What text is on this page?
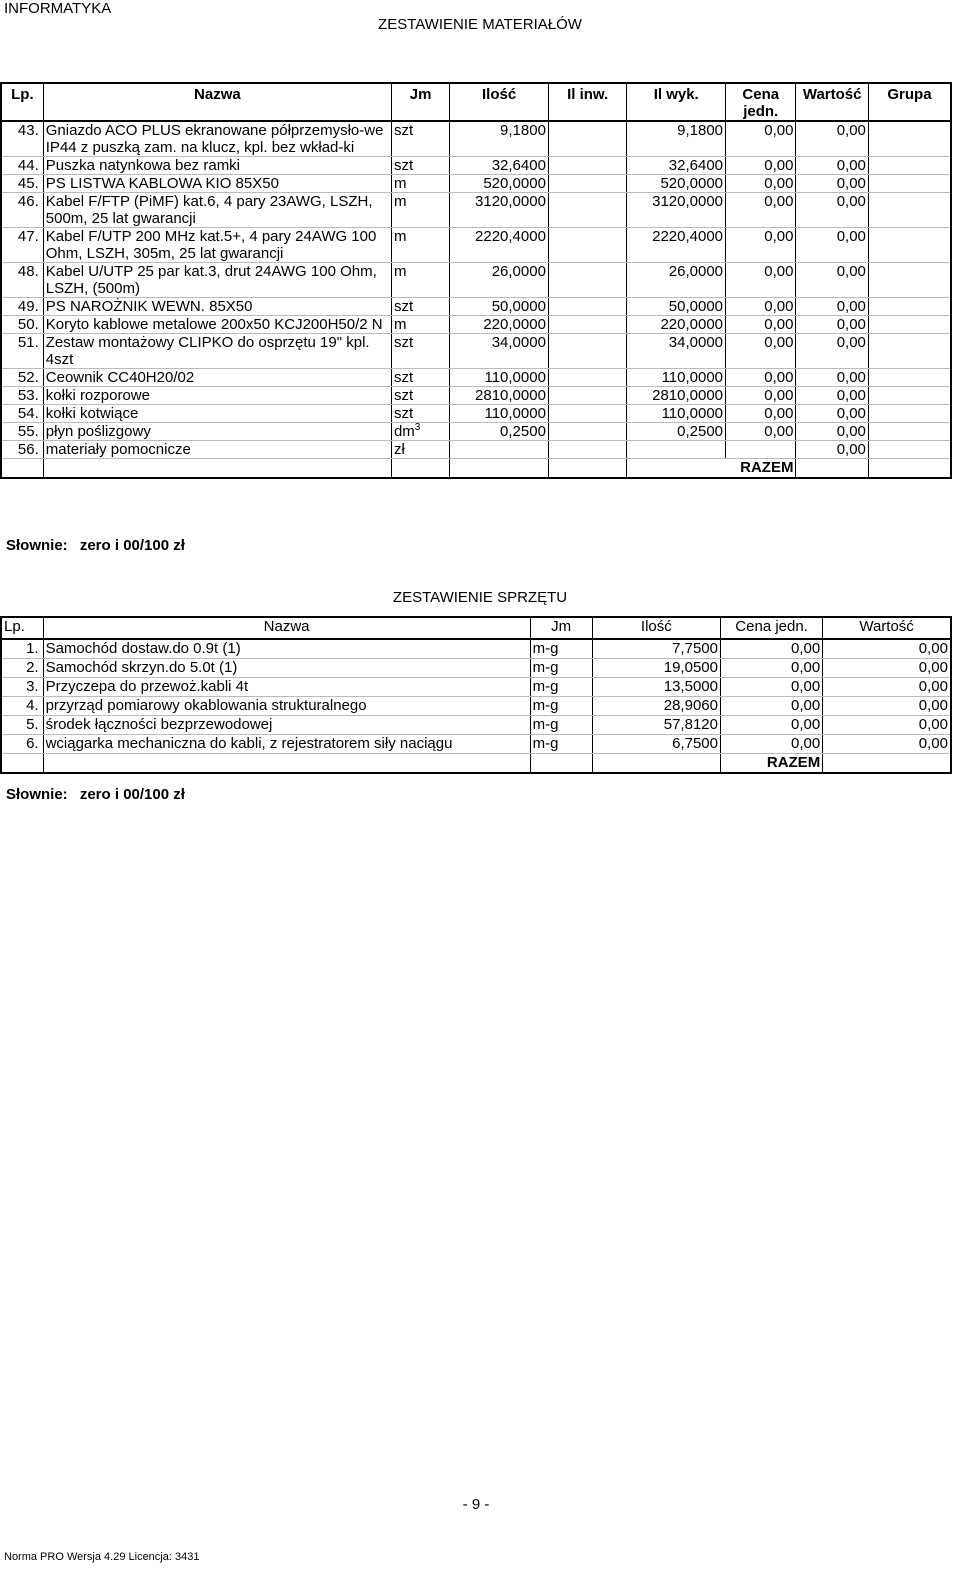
INFORMATYKA
ZESTAWIENIE MATERIAŁÓW
Lp.	Nazwa	Jm	Ilość	Il inw.	Il wyk.	Cena jedn.	Wartość	Grupa
43.	Gniazdo ACO PLUS ekranowane półprzemysło-we IP44 z puszką zam. na klucz, kpl. bez wkład-ki	szt	9,1800		9,1800	0,00	0,00	
44.	Puszka natynkowa bez ramki	szt	32,6400		32,6400	0,00	0,00	
45.	PS LISTWA KABLOWA KIO 85X50	m	520,0000		520,0000	0,00	0,00	
46.	Kabel F/FTP (PiMF) kat.6, 4 pary 23AWG, LSZH, 500m, 25 lat gwarancji	m	3120,0000		3120,0000	0,00	0,00	
47.	Kabel F/UTP 200 MHz kat.5+, 4 pary 24AWG 100 Ohm, LSZH, 305m, 25 lat gwarancji	m	2220,4000		2220,4000	0,00	0,00	
48.	Kabel U/UTP 25 par kat.3, drut 24AWG 100 Ohm, LSZH, (500m)	m	26,0000		26,0000	0,00	0,00	
49.	PS NAROŻNIK WEWN. 85X50	szt	50,0000		50,0000	0,00	0,00	
50.	Koryto kablowe metalowe 200x50 KCJ200H50/2 N	m	220,0000		220,0000	0,00	0,00	
51.	Zestaw montażowy CLIPKO do osprzętu 19" kpl. 4szt	szt	34,0000		34,0000	0,00	0,00	
52.	Ceownik CC40H20/02	szt	110,0000		110,0000	0,00	0,00	
53.	kołki rozporowe	szt	2810,0000		2810,0000	0,00	0,00	
54.	kołki kotwiące	szt	110,0000		110,0000	0,00	0,00	
55.	płyn poślizgowy	$dm^3$	0,2500		0,2500	0,00	0,00	
56.	materiały pomocnicze	zł					0,00	
						RAZEM		
Słownie: zero i 00/100 zł
ZESTAWIENIE SPRZĘTU
Lp.	Nazwa	Jm	Ilość	Cena jedn.	Wartość
1.	Samochód dostaw.do 0.9t (1)	m-g	7,7500	0,00	0,00
2.	Samochód skrzyn.do 5.0t (1)	m-g	19,0500	0,00	0,00
3.	Przyczepa do przewoż.kabli 4t	m-g	13,5000	0,00	0,00
4.	przyrząd pomiarowy okablowania strukturalnego	m-g	28,9060	0,00	0,00
5.	środek łączności bezprzewodowej	m-g	57,8120	0,00	0,00
6.	wciągarka mechaniczna do kabli, z rejestratorem siły naciągu	m-g	6,7500	0,00	0,00
				RAZEM	
Słownie: zero i 00/100 zł
- 9 -
Norma PRO Wersja 4.29 Licencja: 3431
